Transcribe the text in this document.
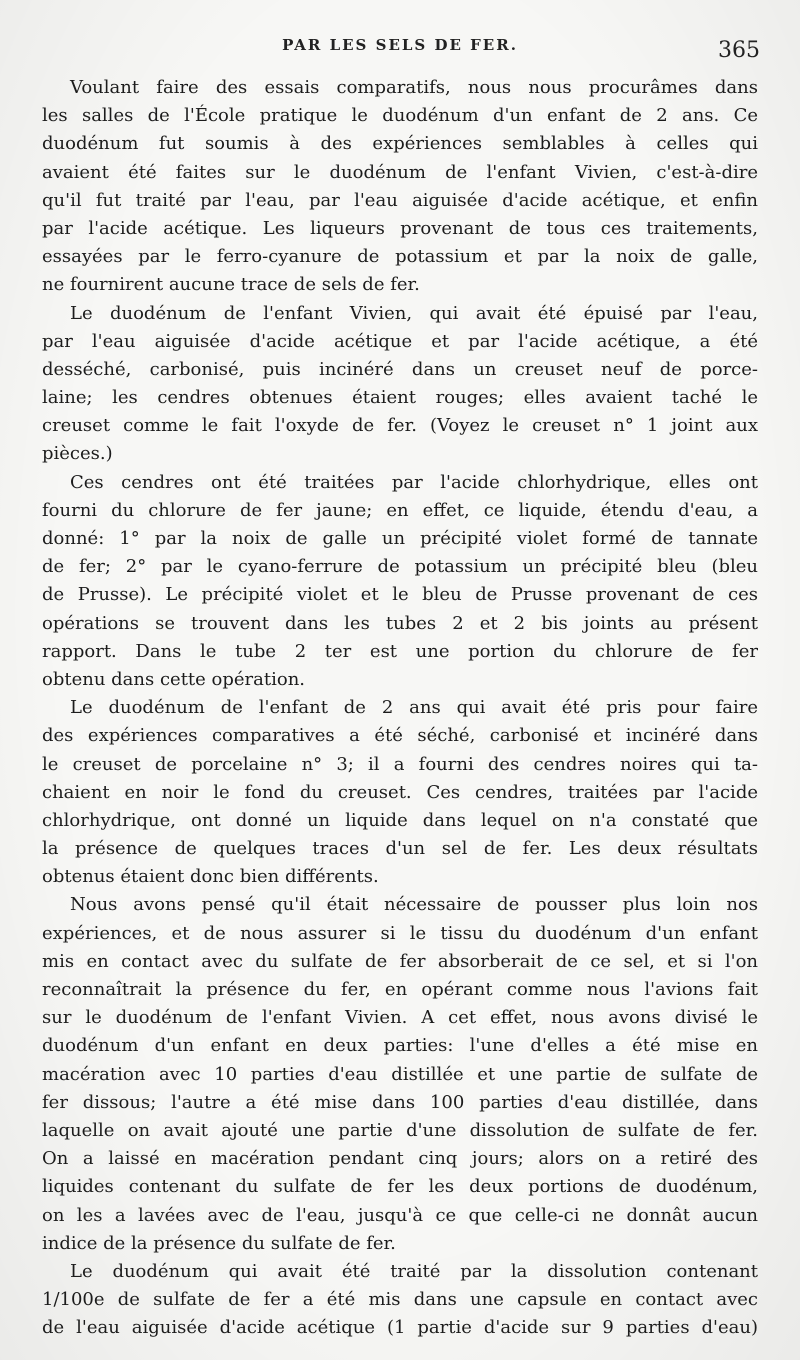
PAR LES SELS DE FER.	365
Voulant faire des essais comparatifs, nous nous procurâmes dans
les salles de l'École pratique le duodénum d'un enfant de 2 ans. Ce
duodénum fut soumis à des expériences semblables à celles qui
avaient été faites sur le duodénum de l'enfant Vivien, c'est-à-dire
qu'il fut traité par l'eau, par l'eau aiguisée d'acide acétique, et enfin
par l'acide acétique. Les liqueurs provenant de tous ces traitements,
essayées par le ferro-cyanure de potassium et par la noix de galle,
ne fournirent aucune trace de sels de fer.
Le duodénum de l'enfant Vivien, qui avait été épuisé par l'eau,
par l'eau aiguisée d'acide acétique et par l'acide acétique, a été
desséché, carbonisé, puis incinéré dans un creuset neuf de porce-
laine; les cendres obtenues étaient rouges; elles avaient taché le
creuset comme le fait l'oxyde de fer. (Voyez le creuset n° 1 joint aux
pièces.)
Ces cendres ont été traitées par l'acide chlorhydrique, elles ont
fourni du chlorure de fer jaune; en effet, ce liquide, étendu d'eau, a
donné: 1° par la noix de galle un précipité violet formé de tannate
de fer; 2° par le cyano-ferrure de potassium un précipité bleu (bleu
de Prusse). Le précipité violet et le bleu de Prusse provenant de ces
opérations se trouvent dans les tubes 2 et 2 bis joints au présent
rapport. Dans le tube 2 ter est une portion du chlorure de fer
obtenu dans cette opération.
Le duodénum de l'enfant de 2 ans qui avait été pris pour faire
des expériences comparatives a été séché, carbonisé et incinéré dans
le creuset de porcelaine n° 3; il a fourni des cendres noires qui ta-
chaient en noir le fond du creuset. Ces cendres, traitées par l'acide
chlorhydrique, ont donné un liquide dans lequel on n'a constaté que
la présence de quelques traces d'un sel de fer. Les deux résultats
obtenus étaient donc bien différents.
Nous avons pensé qu'il était nécessaire de pousser plus loin nos
expériences, et de nous assurer si le tissu du duodénum d'un enfant
mis en contact avec du sulfate de fer absorberait de ce sel, et si l'on
reconnaîtrait la présence du fer, en opérant comme nous l'avions fait
sur le duodénum de l'enfant Vivien. A cet effet, nous avons divisé le
duodénum d'un enfant en deux parties: l'une d'elles a été mise en
macération avec 10 parties d'eau distillée et une partie de sulfate de
fer dissous; l'autre a été mise dans 100 parties d'eau distillée, dans
laquelle on avait ajouté une partie d'une dissolution de sulfate de fer.
On a laissé en macération pendant cinq jours; alors on a retiré des
liquides contenant du sulfate de fer les deux portions de duodénum,
on les a lavées avec de l'eau, jusqu'à ce que celle-ci ne donnât aucun
indice de la présence du sulfate de fer.
Le duodénum qui avait été traité par la dissolution contenant
1/100e de sulfate de fer a été mis dans une capsule en contact avec
de l'eau aiguisée d'acide acétique (1 partie d'acide sur 9 parties d'eau)
